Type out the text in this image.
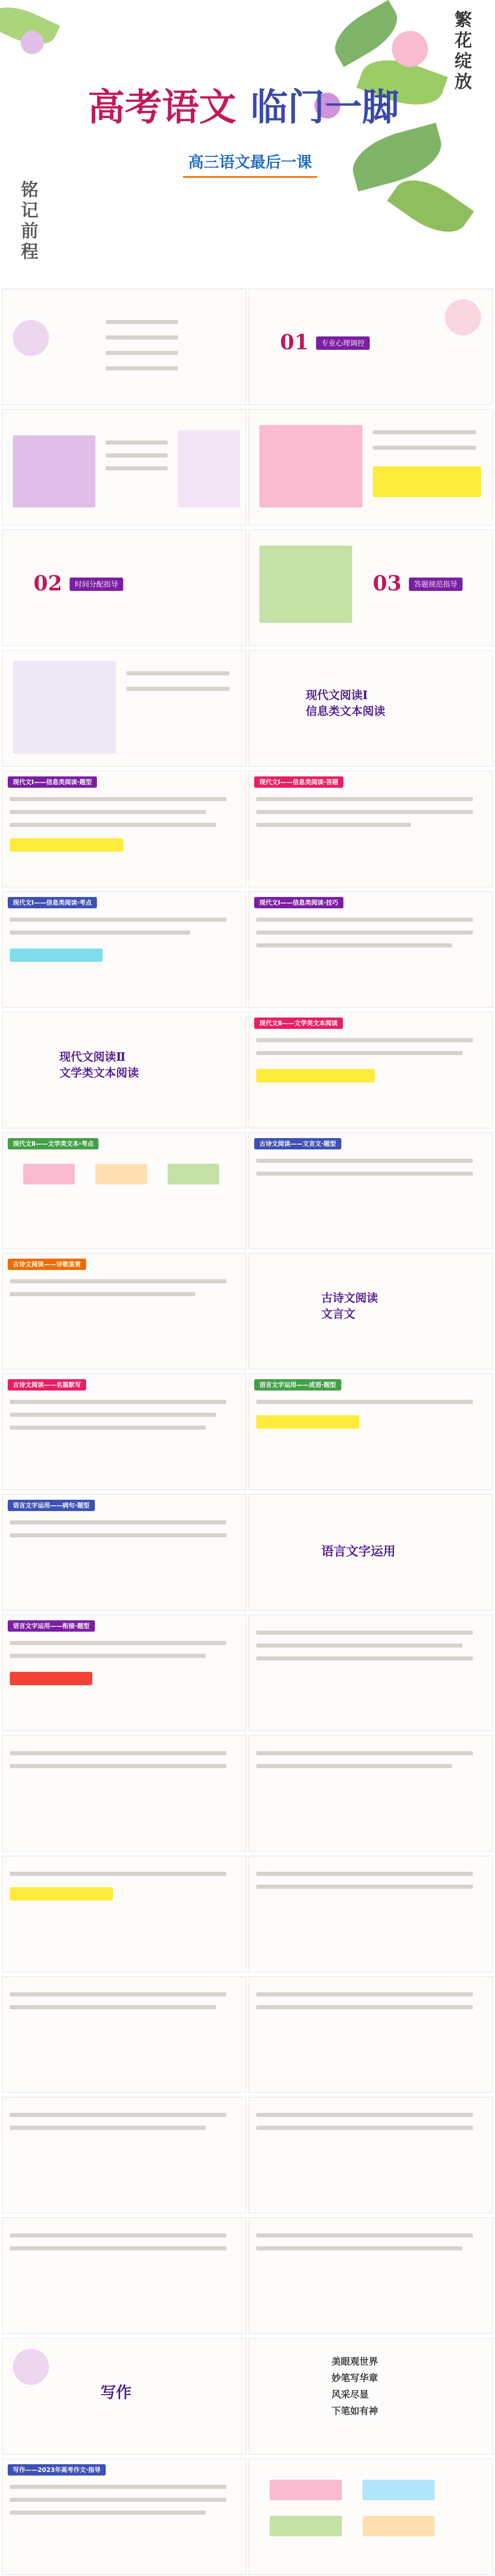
高考语文 临门一脚
高三语文最后一课
繁花绽放
铭记前程
01	专业心理调控
02	时间分配指导	03	答题规范指导
现代文阅读Ⅰ
信息类文本阅读
现代文Ⅰ——信息类阅读·题型	现代文Ⅰ——信息类阅读·答题
现代文Ⅰ——信息类阅读·考点	现代文Ⅰ——信息类阅读·技巧
现代文阅读Ⅱ
文学类文本阅读
现代文Ⅱ——文学类文本阅读
现代文Ⅱ——文学类文本·考点	古诗文阅读——文言文·题型
古诗文阅读——诗歌鉴赏
古诗文阅读
文言文
古诗文阅读——名篇默写	语言文字运用——成语·题型
语言文字运用——病句·题型
语言文字运用
语言文字运用——衔接·题型
写作
美眼观世界
妙笔写华章
风采尽显
下笔如有神
写作——2023年高考作文·指导
